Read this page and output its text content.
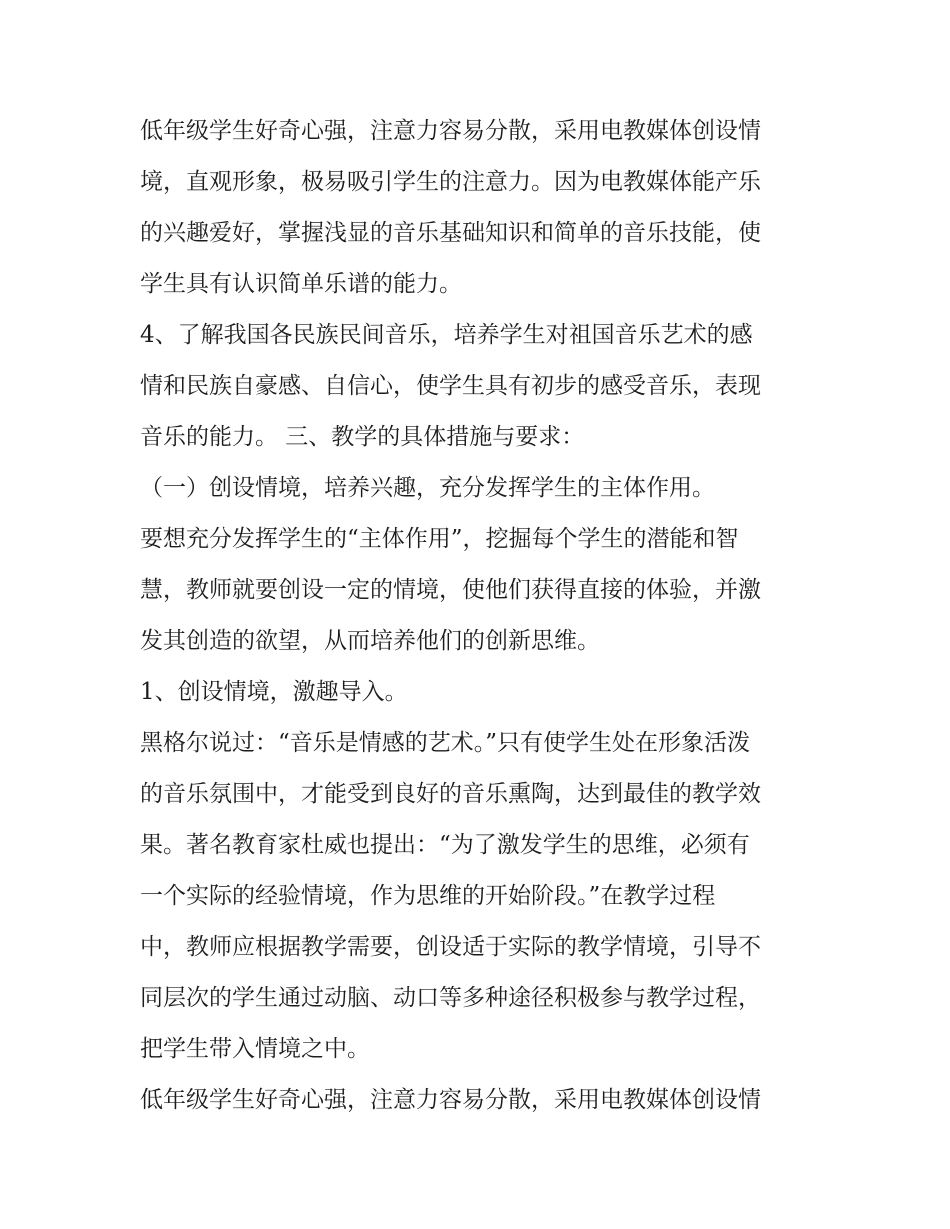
低年级学生好奇心强，注意力容易分散，采用电教媒体创设情
境，直观形象，极易吸引学生的注意力。因为电教媒体能产乐
的兴趣爱好，掌握浅显的音乐基础知识和简单的音乐技能，使
学生具有认识简单乐谱的能力。
4、了解我国各民族民间音乐，培养学生对祖国音乐艺术的感
情和民族自豪感、自信心，使学生具有初步的感受音乐，表现
音乐的能力。 三、教学的具体措施与要求：
（一）创设情境，培养兴趣，充分发挥学生的主体作用。
要想充分发挥学生的“主体作用”，挖掘每个学生的潜能和智
慧，教师就要创设一定的情境，使他们获得直接的体验，并激
发其创造的欲望，从而培养他们的创新思维。
1、创设情境，激趣导入。
黑格尔说过：“音乐是情感的艺术。”只有使学生处在形象活泼
的音乐氛围中，才能受到良好的音乐熏陶，达到最佳的教学效
果。著名教育家杜威也提出：“为了激发学生的思维，必须有
一个实际的经验情境，作为思维的开始阶段。”在教学过程
中，教师应根据教学需要，创设适于实际的教学情境，引导不
同层次的学生通过动脑、动口等多种途径积极参与教学过程，
把学生带入情境之中。
低年级学生好奇心强，注意力容易分散，采用电教媒体创设情
